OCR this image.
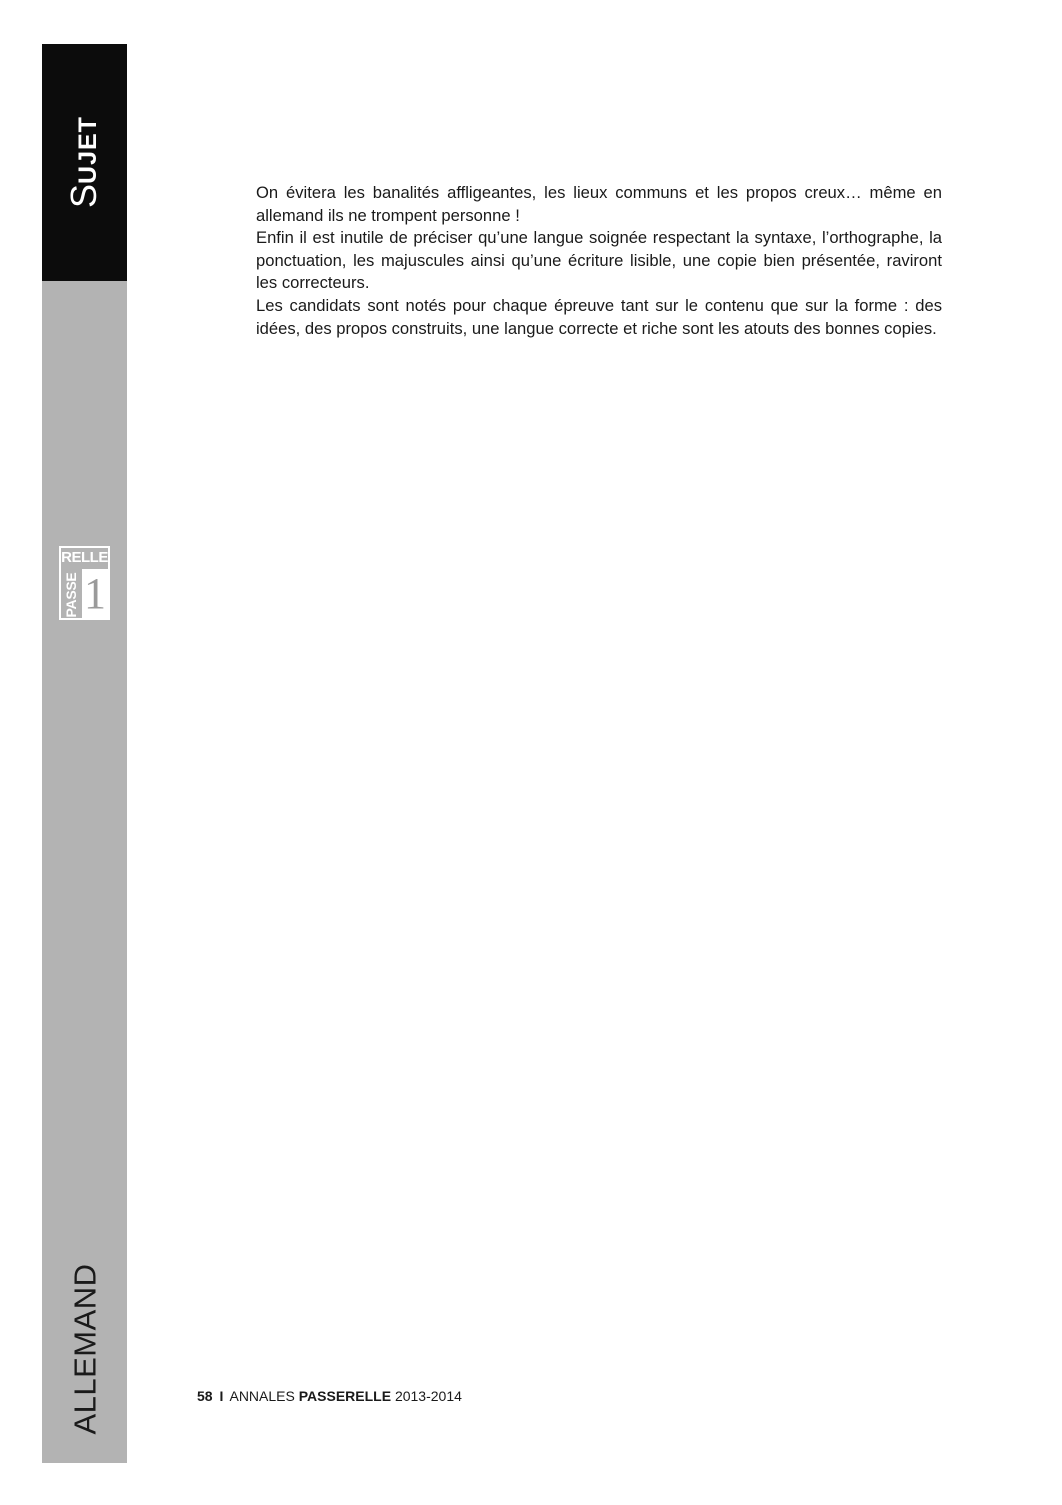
SUJET
RELLE
PASSE 1
ALLEMAND

On évitera les banalités affligeantes, les lieux communs et les propos creux… même en allemand ils ne trompent personne !

Enfin il est inutile de préciser qu’une langue soignée respectant la syntaxe, l’orthographe, la ponctuation, les majuscules ainsi qu’une écriture lisible, une copie bien présentée, raviront les correcteurs.

Les candidats sont notés pour chaque épreuve tant sur le contenu que sur la forme : des idées, des propos construits, une langue correcte et riche sont les atouts des bonnes copies.

58 I ANNALES PASSERELLE 2013-2014
